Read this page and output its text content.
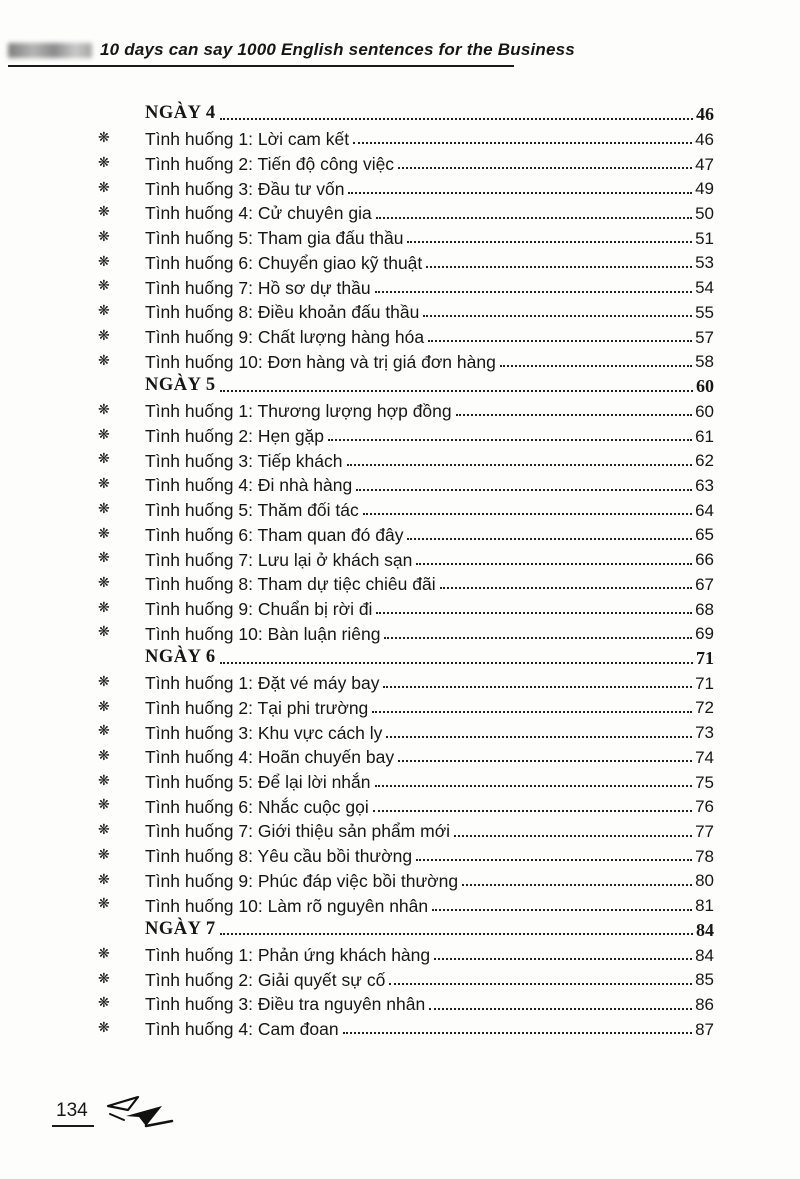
10 days can say 1000 English sentences for the Business
NGÀY 4	46
❋	Tình huống 1: Lời cam kết	46
❋	Tình huống 2: Tiến độ công việc	47
❋	Tình huống 3: Đầu tư vốn	49
❋	Tình huống 4: Cử chuyên gia	50
❋	Tình huống 5: Tham gia đấu thầu	51
❋	Tình huống 6: Chuyển giao kỹ thuật	53
❋	Tình huống 7: Hồ sơ dự thầu	54
❋	Tình huống 8: Điều khoản đấu thầu	55
❋	Tình huống 9: Chất lượng hàng hóa	57
❋	Tình huống 10: Đơn hàng và trị giá đơn hàng	58
NGÀY 5	60
❋	Tình huống 1: Thương lượng hợp đồng	60
❋	Tình huống 2: Hẹn gặp	61
❋	Tình huống 3: Tiếp khách	62
❋	Tình huống 4: Đi nhà hàng	63
❋	Tình huống 5: Thăm đối tác	64
❋	Tình huống 6: Tham quan đó đây	65
❋	Tình huống 7: Lưu lại ở khách sạn	66
❋	Tình huống 8: Tham dự tiệc chiêu đãi	67
❋	Tình huống 9: Chuẩn bị rời đi	68
❋	Tình huống 10: Bàn luận riêng	69
NGÀY 6	71
❋	Tình huống 1: Đặt vé máy bay	71
❋	Tình huống 2: Tại phi trường	72
❋	Tình huống 3: Khu vực cách ly	73
❋	Tình huống 4: Hoãn chuyến bay	74
❋	Tình huống 5: Để lại lời nhắn	75
❋	Tình huống 6: Nhắc cuộc gọi	76
❋	Tình huống 7: Giới thiệu sản phẩm mới	77
❋	Tình huống 8: Yêu cầu bồi thường	78
❋	Tình huống 9: Phúc đáp việc bồi thường	80
❋	Tình huống 10: Làm rõ nguyên nhân	81
NGÀY 7	84
❋	Tình huống 1: Phản ứng khách hàng	84
❋	Tình huống 2: Giải quyết sự cố	85
❋	Tình huống 3: Điều tra nguyên nhân	86
❋	Tình huống 4: Cam đoan	87
134
